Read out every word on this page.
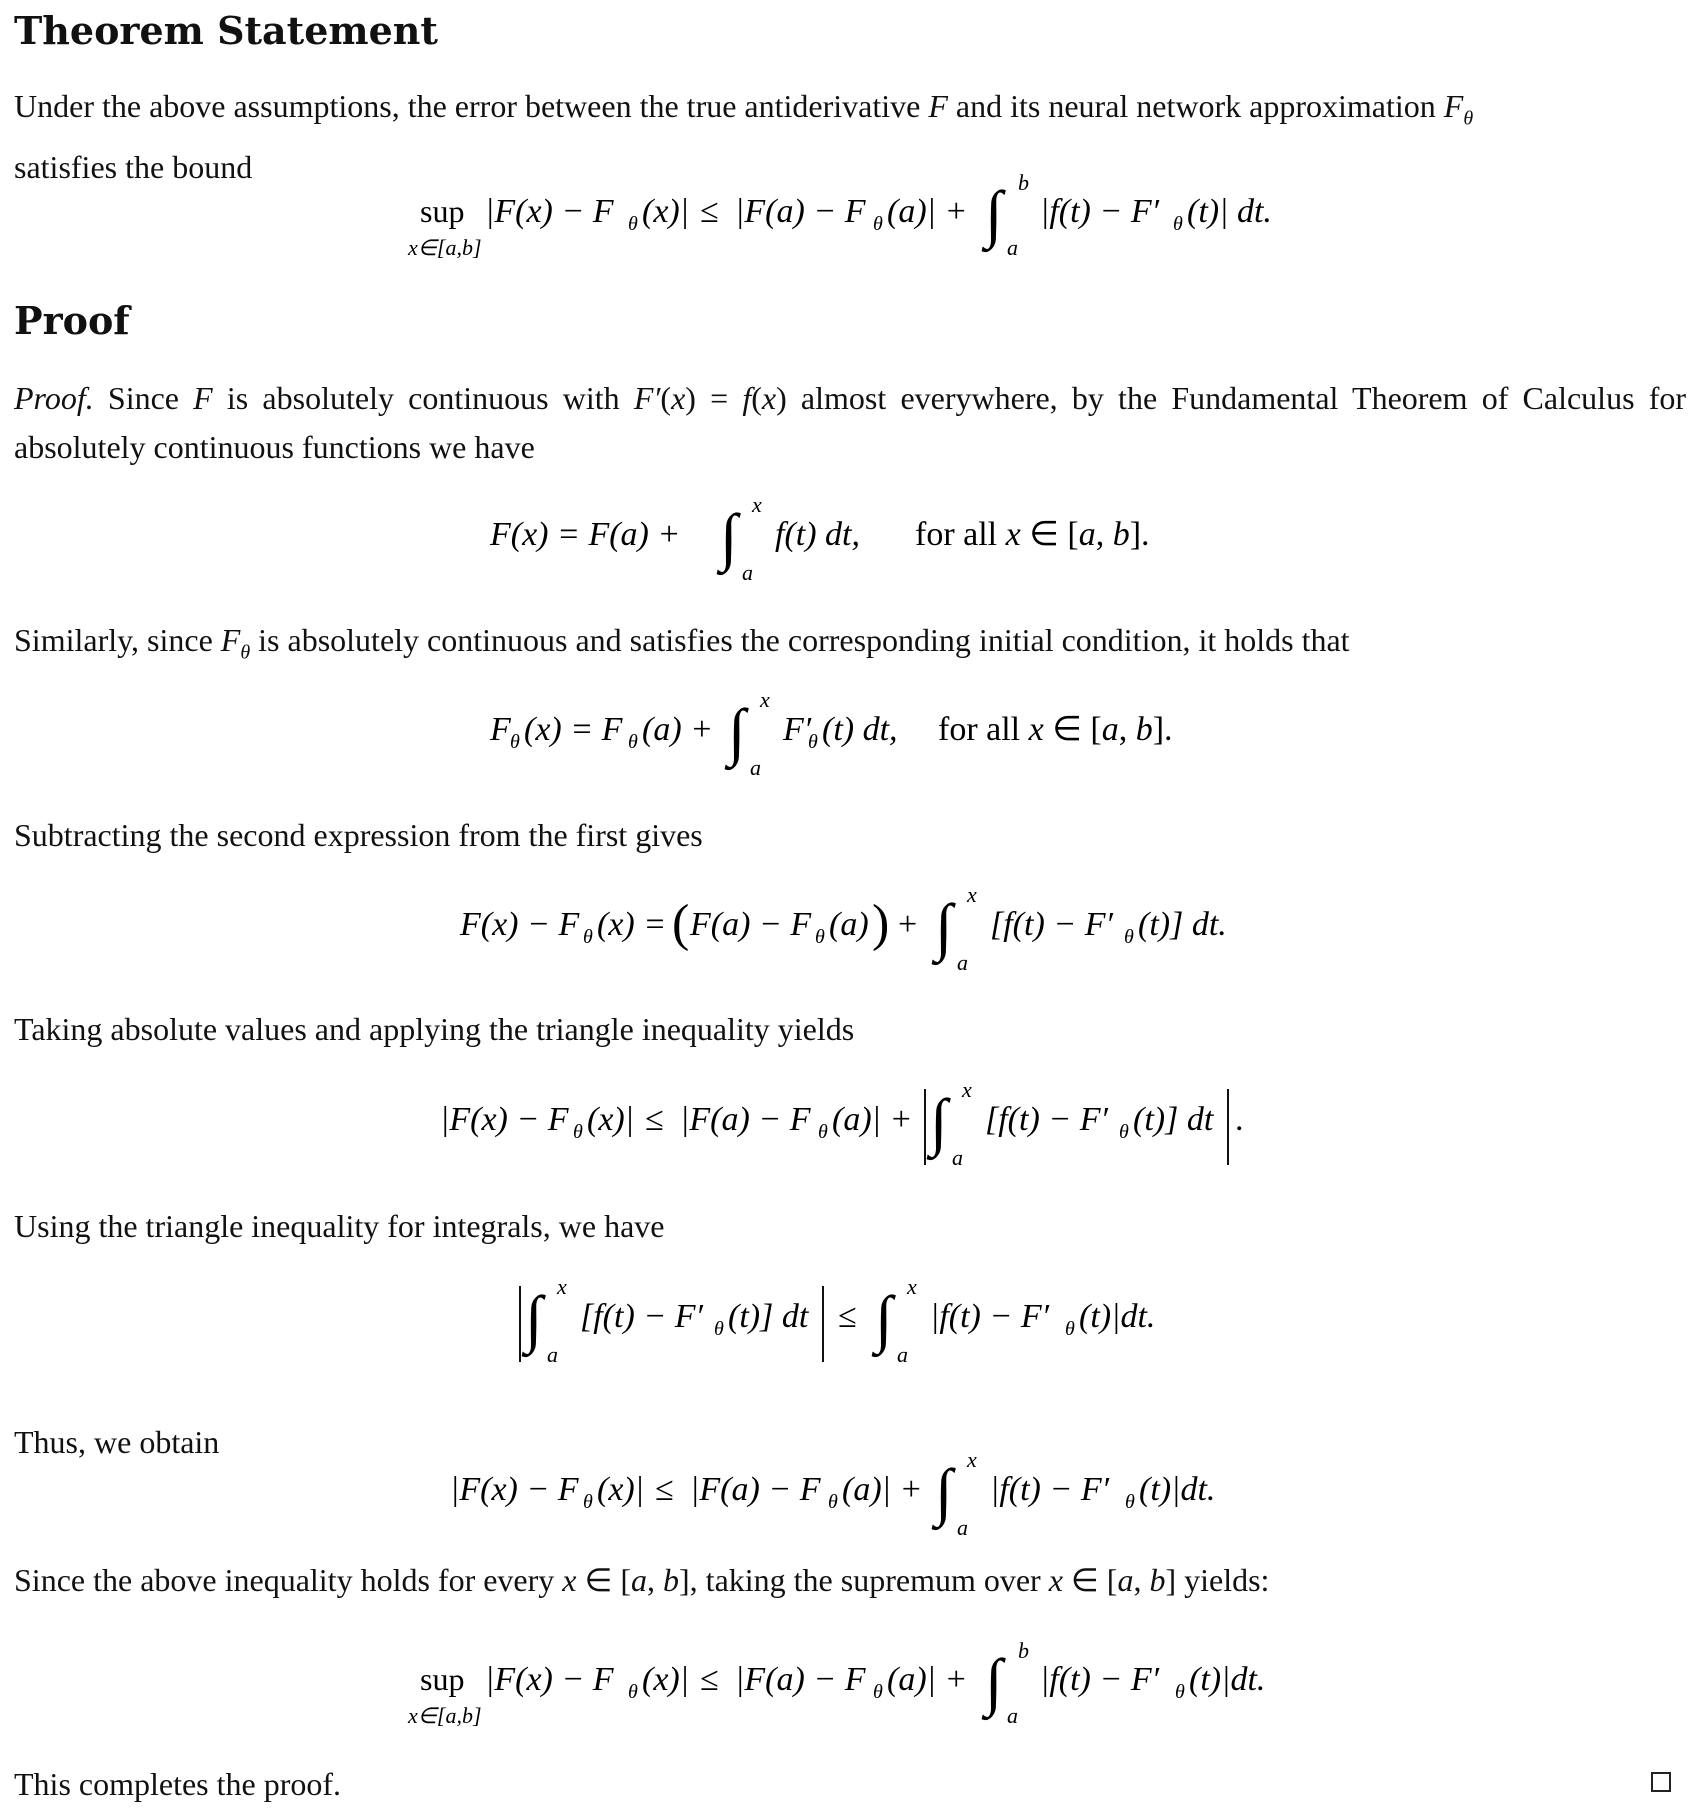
Theorem Statement

Under the above assumptions, the error between the true antiderivative F and its neural network approximation $F_\theta$
satisfies the bound

sup
x∈[a,b]
|F(x) − F θ (x)| ≤ |F(a) − F θ (a)| + ∫ b
a
|f(t) − F′ θ (t)| dt.
Proof

Proof. Since F is absolutely continuous with F′(x) = f(x) almost everywhere, by the Fundamental Theorem of Calculus for absolutely continuous functions we have

F(x) = F(a) + ∫ x
a
f(t) dt, for all x ∈ [a, b].

Similarly, since $F_\theta$ is absolutely continuous and satisfies the corresponding initial condition, it holds that

F θ (x) = F θ (a) + ∫ x
a
F′
θ (t) dt, for all x ∈ [a, b].

Subtracting the second expression from the first gives

F(x) − F θ (x) = ( F(a) − F θ (a) ) + ∫ x
a
[f(t) − F′ θ (t)] dt.

Taking absolute values and applying the triangle inequality yields

|F(x) − F θ (x)| ≤ |F(a) − F θ (a)| + ∫ x
a
[f(t) − F′ θ (t)] dt .

Using the triangle inequality for integrals, we have

∫ x
a
[f(t) − F′ θ (t)] dt ≤ ∫ x
a
|f(t) − F′ θ (t)|dt.

Thus, we obtain

|F(x) − F θ (x)| ≤ |F(a) − F θ (a)| + ∫ x
a
|f(t) − F′ θ (t)|dt.

Since the above inequality holds for every x ∈ [a, b], taking the supremum over x ∈ [a, b] yields:

sup
x∈[a,b]
|F(x) − F θ (x)| ≤ |F(a) − F θ (a)| + ∫ b
a
|f(t) − F′ θ (t)|dt.

This completes the proof.
